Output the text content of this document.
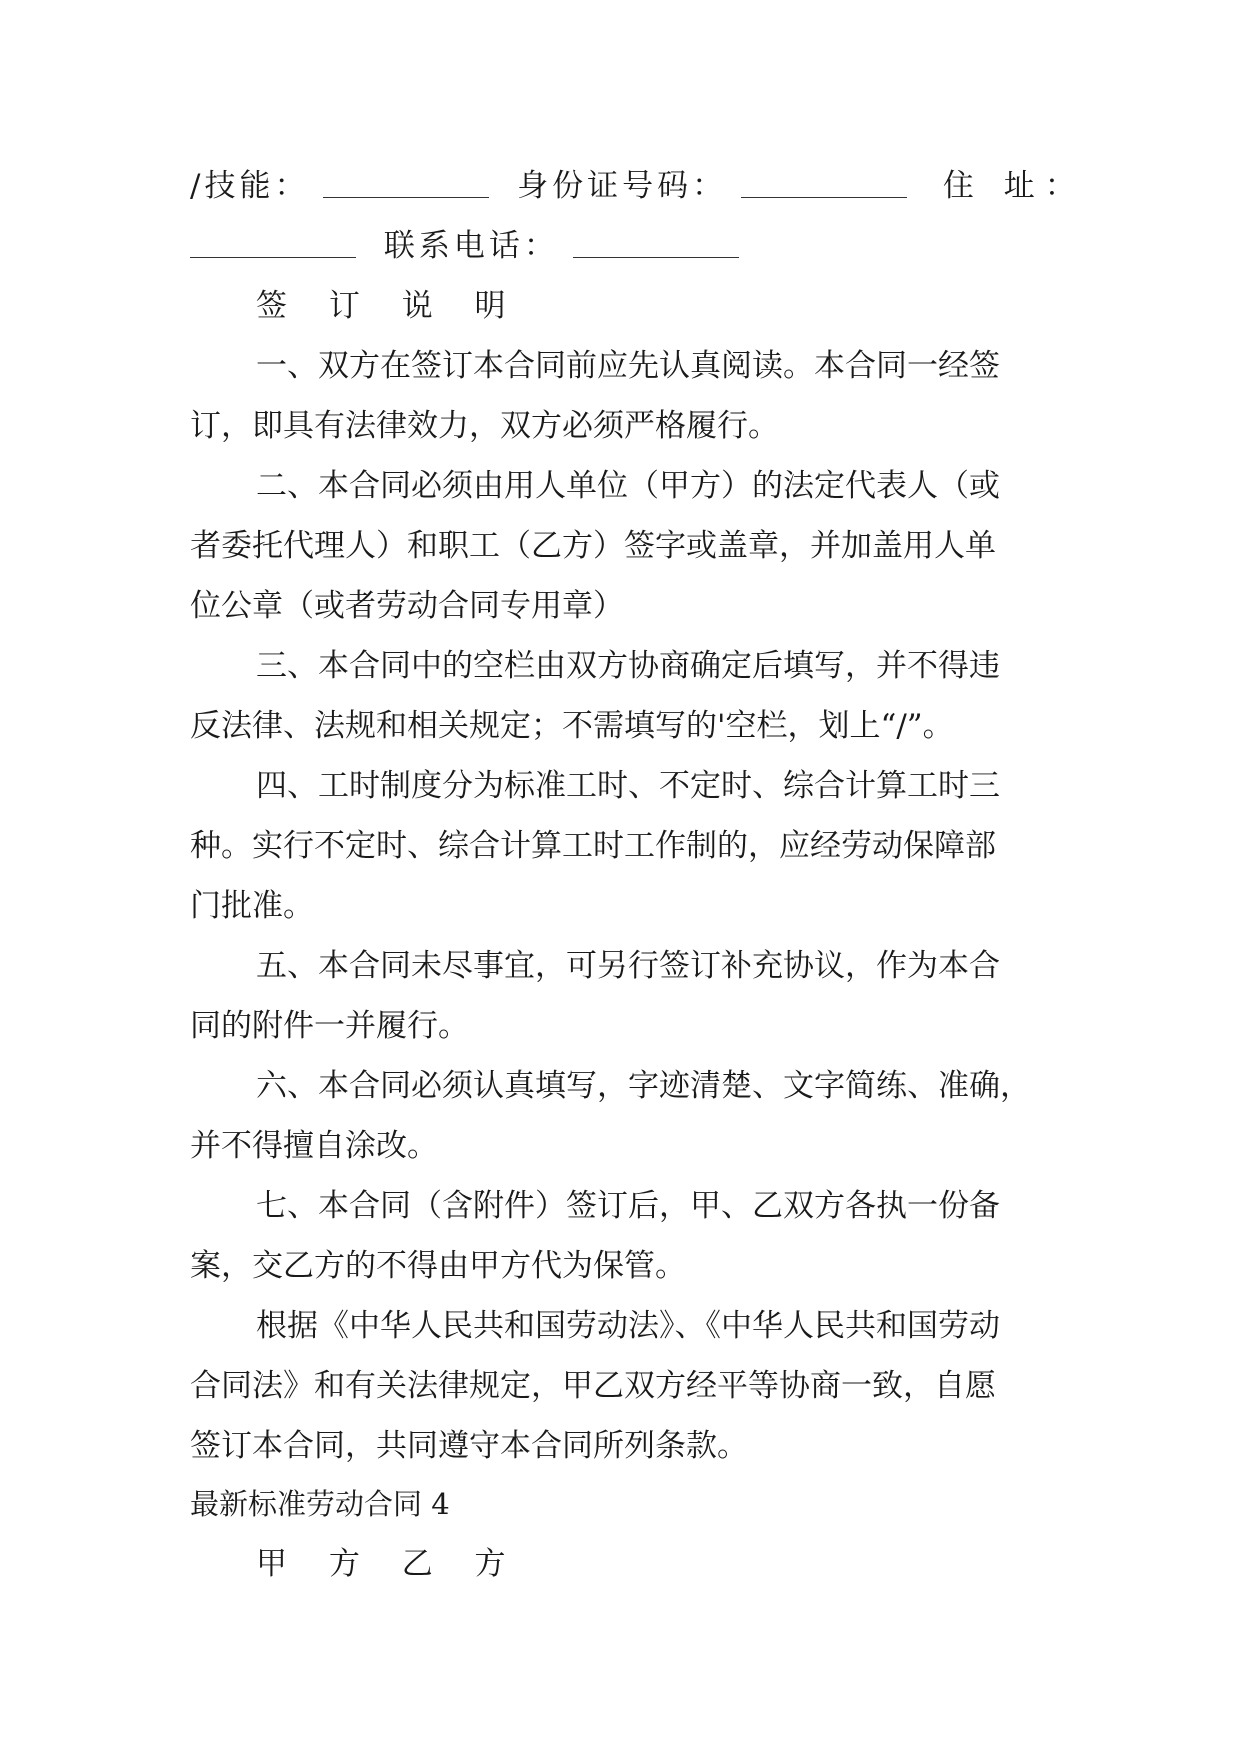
/技能：	身份证号码：	住 址：
联系电话：
签 订 说 明
一、双方在签订本合同前应先认真阅读。本合同一经签
订，即具有法律效力，双方必须严格履行。
二、本合同必须由用人单位（甲方）的法定代表人（或
者委托代理人）和职工（乙方）签字或盖章，并加盖用人单
位公章（或者劳动合同专用章）
三、本合同中的空栏由双方协商确定后填写，并不得违
反法律、法规和相关规定；不需填写的'空栏，划上“/”。
四、工时制度分为标准工时、不定时、综合计算工时三
种。实行不定时、综合计算工时工作制的，应经劳动保障部
门批准。
五、本合同未尽事宜，可另行签订补充协议，作为本合
同的附件一并履行。
六、本合同必须认真填写，字迹清楚、文字简练、准确，
并不得擅自涂改。
七、本合同（含附件）签订后，甲、乙双方各执一份备
案，交乙方的不得由甲方代为保管。
根据《中华人民共和国劳动法》、《中华人民共和国劳动
合同法》和有关法律规定，甲乙双方经平等协商一致，自愿
签订本合同，共同遵守本合同所列条款。
最新标准劳动合同 4
甲 方 乙 方
